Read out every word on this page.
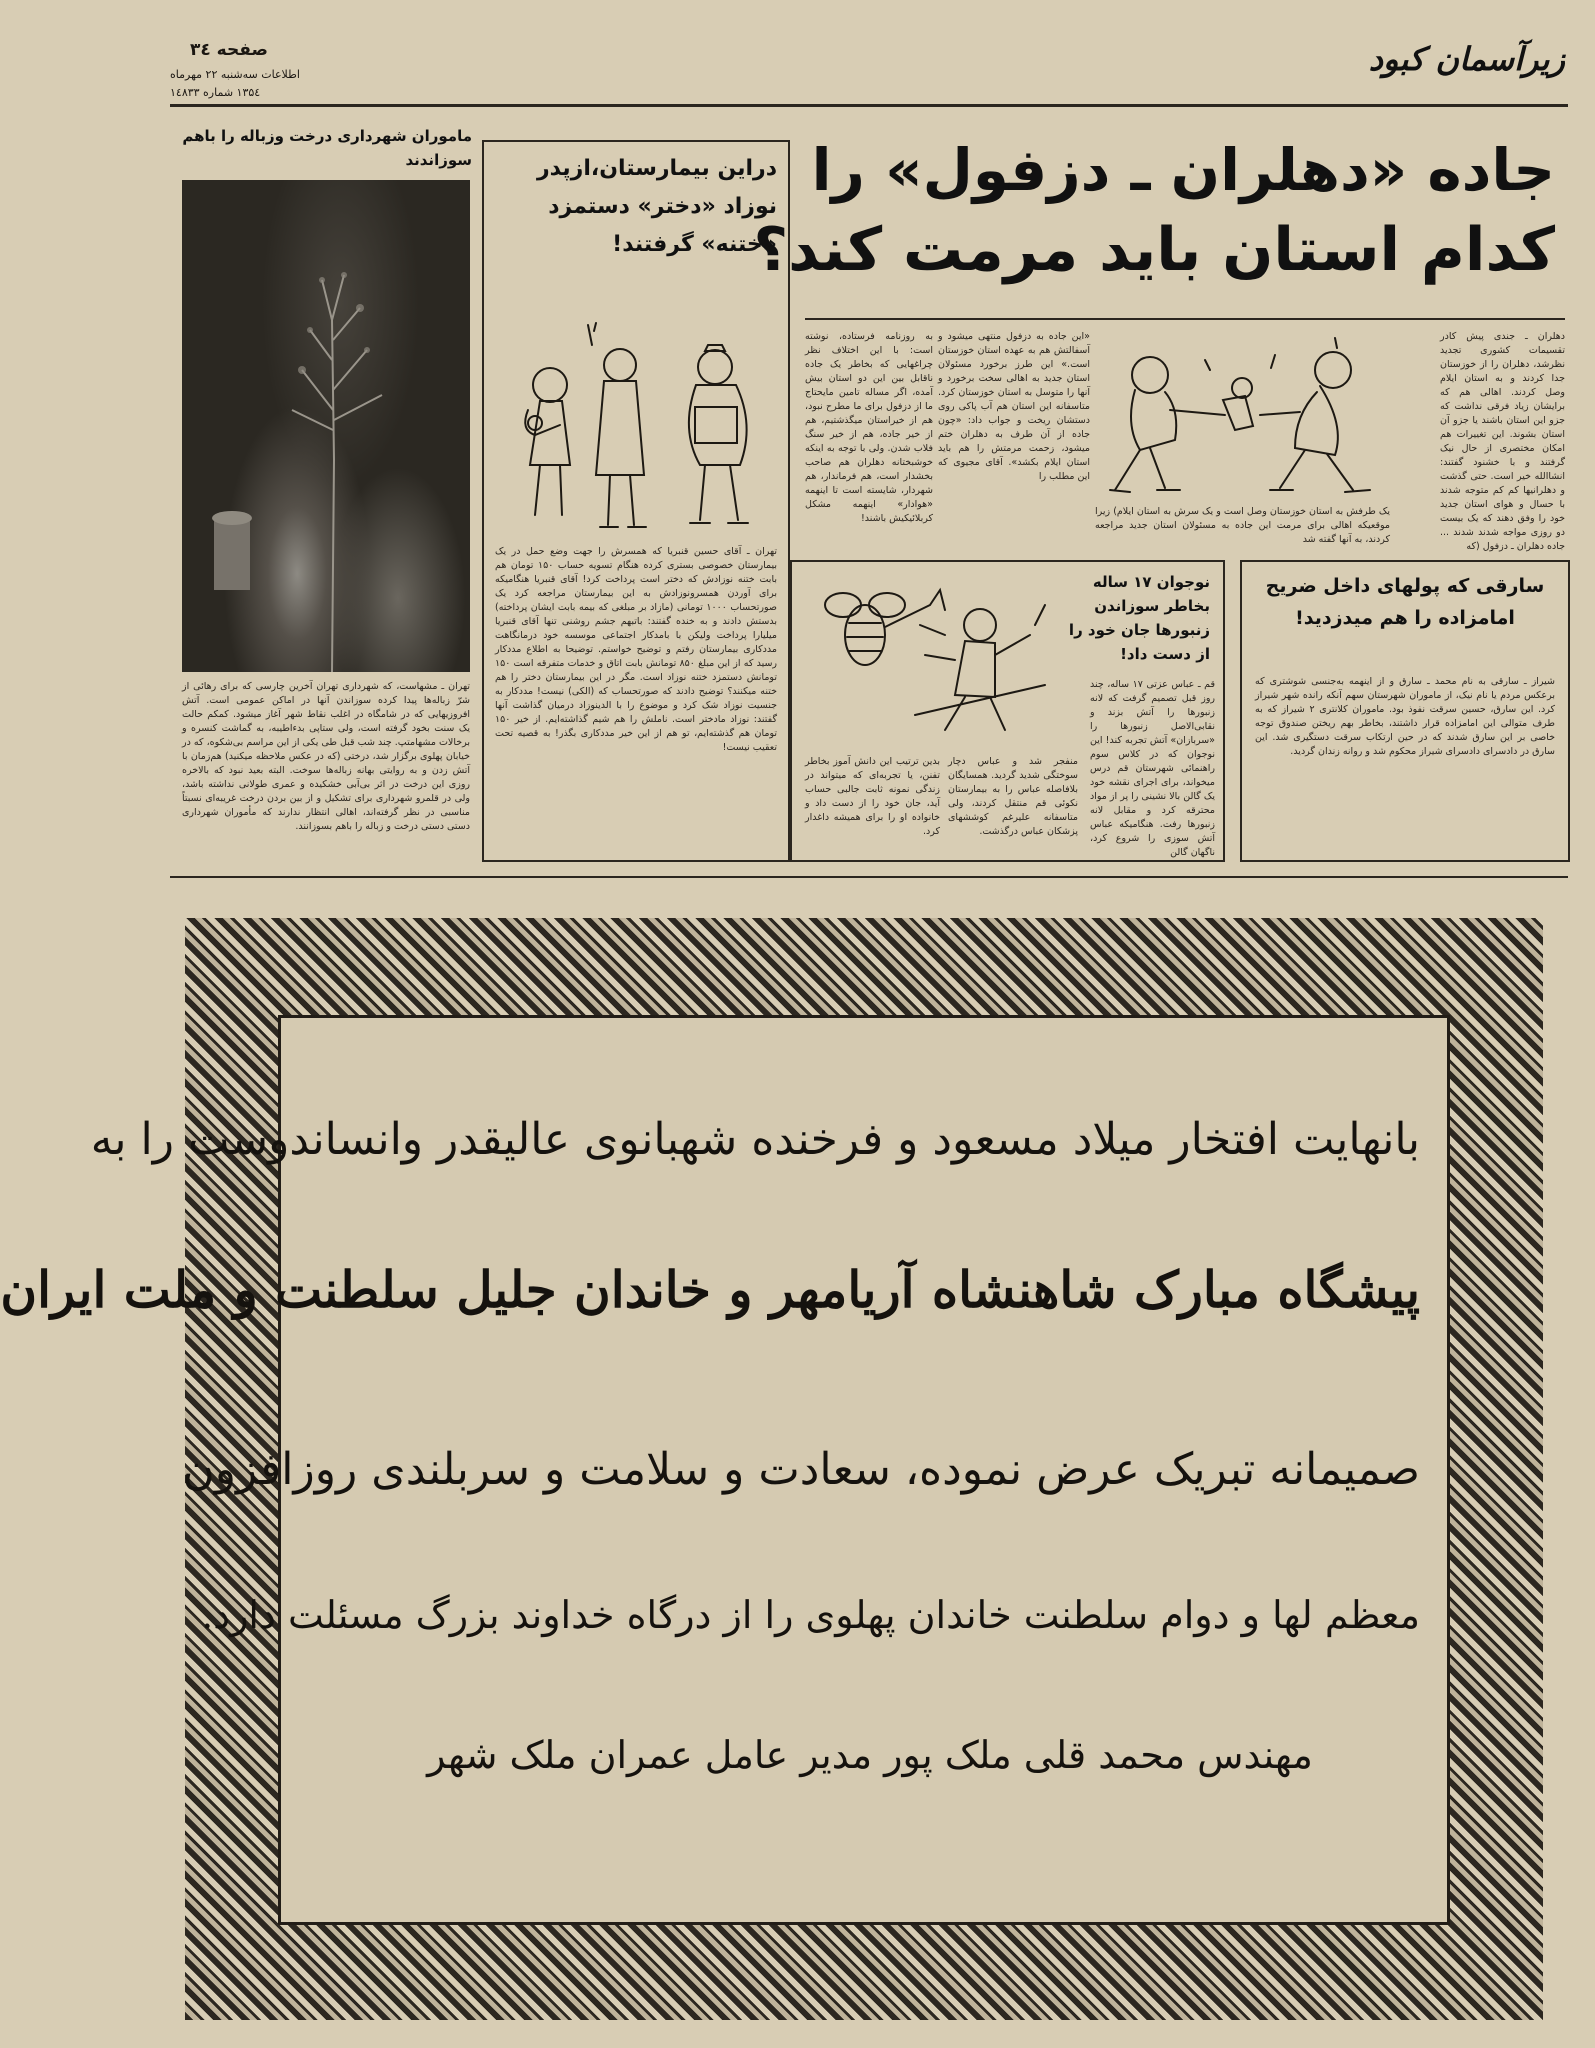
زیرآسمان کبود
صفحه ۳٤
اطلاعات سه‌شنبه ۲۲ مهرماه
۱۳۵٤ شماره ۱٤۸۳۳
جاده «دهلران ـ دزفول» را
کدام استان باید مرمت کند؟
دهلران ـ جندی پیش کادر تقسیمات کشوری تجدید نظرشد، دهلران را از خوزستان جدا کردند و به استان ایلام وصل کردند. اهالی هم که برایشان زیاد فرقی نداشت که جزو این استان باشند یا جزو آن استان بشوند. این تغییرات هم امکان مختصری از حال نیک گرفتند و با خشنود گفتند: انشاالله خیر است. حتی گذشت و دهلرانیها کم کم متوجه شدند با حسال و هوای استان جدید خود را وفق دهند که یک بیست دو روزی مواجه شدند شدند ... جاده دهلران ـ دزفول (که
یک طرفش به استان خوزستان وصل است و یک سرش به استان ایلام) زیرا موقعیکه اهالی برای مرمت این جاده به مسئولان استان جدید مراجعه کردند، به آنها گفته شد
«این جاده به دزفول منتهی میشود و آسفالتش هم به عهده استان خوزستان است.» این طرز برخورد مسئولان استان جدید به اهالی سخت برخورد و آنها را متوسل به استان خوزستان کرد. متاسفانه این استان هم آب پاکی روی دستشان ریخت و جواب داد: «چون جاده از آن طرف به دهلران ختم میشود، زحمت مرمتش را هم باید استان ایلام بکشد». آقای مجیوی که این مطلب را
به روزنامه فرستاده، نوشته است: با این اختلاف نظر چراغهایی که بخاطر یک جاده ناقابل بین این دو استان بیش آمده، اگر مساله تامین مایحتاج ما از دزفول برای ما مطرح نبود، هم از خیراستان میگذشتیم، هم از خیر جاده، هم از خیر سنگ فلاب شدن. ولی با توجه به اینکه خوشبختانه دهلران هم صاحب بخشدار است، هم فرماندار، هم شهردار، شایسته است تا اینهمه «هوادار» اینهمه مشکل کربلائیکیش باشند!
دراین بیمارستان،ازپدر نوزاد «دختر» دستمزد «ختنه» گرفتند!
تهران ـ آقای حسین قنبریا که همسرش را جهت وضع حمل در یک بیمارستان خصوصی بستری کرده هنگام تسویه حساب ۱۵۰ تومان هم بابت ختنه نوزادش که دختر است پرداخت کرد! آقای قنبریا هنگامیکه برای آوردن همسرونوزادش به این بیمارستان مراجعه کرد یک صورتحساب ۱۰۰۰ تومانی (مازاد بر مبلغی که بیمه بابت ایشان پرداخته) بدستش دادند و به خنده گفتند: باتبهم جشم روشنی تنها آقای قنبریا میلیارا پرداخت ولیکن با بامدکار اجتماعی موسسه خود درمانگاهت مددکاری بیمارستان رفتم و توضیح خواستم. توضیحا به اطلاع مددکار رسید که از این مبلغ ۸۵۰ تومانش بابت اتاق و خدمات متفرقه است ۱۵۰ تومانش دستمزد ختنه نوزاد است. مگر در این بیمارستان دختر را هم ختنه میکنند؟ توضیح دادند که صورتحساب که (الکی) نیست! مددکار به جنسیت نوزاد شک کرد و موضوع را با الدینوزاد درمیان گذاشت آنها گفتند: نوزاد مادختر است. ناملش را هم شیم گذاشته‌ایم. از خیر ۱۵۰ تومان هم گذشته‌ایم، تو هم از این خیر مددکاری بگذر! به قصیه تحت تعقیب نیست!
ماموران شهرداری درخت وزباله را باهم سوزاندند
تهران ـ مشهاست، که شهرداری تهران آخرین چارسی که برای رهائی از شرّ زباله‌ها پیدا کرده سوزاندن آنها در اماکن عمومی است. آتش افروزیهایی که در شامگاه در اغلب نقاط شهر آغاز میشود. کمکم حالت یک سنت بخود گرفته است، ولی ستاپی بدءاطیبه، به گماشت کنسره و برخالات مشهامتپ. چند شب قبل طی یکی از این مراسم بی‌شکوه، که در خیابان پهلوی برگزار شد، درختی (که در عکس ملاحظه میکنید) هم‌زمان با آتش زدن و به روایتی بهانه زباله‌ها سوخت. البته بعید نبود که بالاخره روزی این درخت در اثر بی‌آبی خشکیده و عمری طولانی نداشته باشد، ولی در قلمرو شهرداری برای تشکیل و از بین بردن درخت غریبه‌ای نسبتاً مناسبی در نظر گرفته‌اند، اهالی انتظار ندارند که مأموران شهرداری دستی دستی درخت و زباله را باهم بسوزانند.
نوجوان ۱۷ ساله بخاطر سوزاندن زنبورها جان خود را از دست داد!
قم ـ عباس عزتی ۱۷ ساله، چند روز قبل تصمیم گرفت که لانه زنبورها را آتش بزند و نقابی‌الاصل زنبورها را «سربازان» آتش تجربه کند! این نوجوان که در کلاس سوم راهنمائی شهرستان قم درس میخواند، برای اجرای نقشه خود یک گالن بالا نشینی را پر از مواد محترقه کرد و مقابل لانه زنبورها رفت. هنگامیکه عباس آتش سوزی را شروع کرد، ناگهان گالن
منفجر شد و عباس دچار سوختگی شدید گردید. همسایگان بلافاصله عباس را به بیمارستان نکوئی قم منتقل کردند، ولی متاسفانه علیرغم کوششهای پزشکان عباس درگذشت.
بدین ترتیب این دانش آموز بخاطر تفنن، یا تجربه‌ای که میتواند در زندگی نمونه ثابت جالبی حساب آید، جان خود را از دست داد و خانواده او را برای همیشه داغدار کرد.
سارقی که پولهای داخل ضریح امامزاده را هم میدزدید!
شیراز ـ سارقی به نام محمد ـ سارق و از اینهمه به‌جنسی شوشتری که برعکس مردم یا نام نیک، از ماموران شهرستان سهم آنکه رانده شهر شیراز کرد. این سارق، حسین سرقت نفوذ بود. ماموران کلانتری ۲ شیراز که به طرف متوالی این امامزاده قرار داشتند، بخاطر بهم ریختن صندوق توجه خاصی بر این سارق شدند که در حین ارتکاب سرقت دستگیری شد. این سارق در دادسرای دادسرای شیراز محکوم شد و روانه زندان گردید.
بانهایت افتخار میلاد مسعود و فرخنده شهبانوی عالیقدر وانساندوست را به
پیشگاه مبارک شاهنشاه آریامهر و خاندان جلیل سلطنت و ملت ایران
صمیمانه تبریک عرض نموده، سعادت و سلامت و سربلندی روزافزون
معظم لها و دوام سلطنت خاندان پهلوی را از درگاه خداوند بزرگ مسئلت دارد.
مهندس محمد قلی ملک پور مدیر عامل عمران ملک شهر
